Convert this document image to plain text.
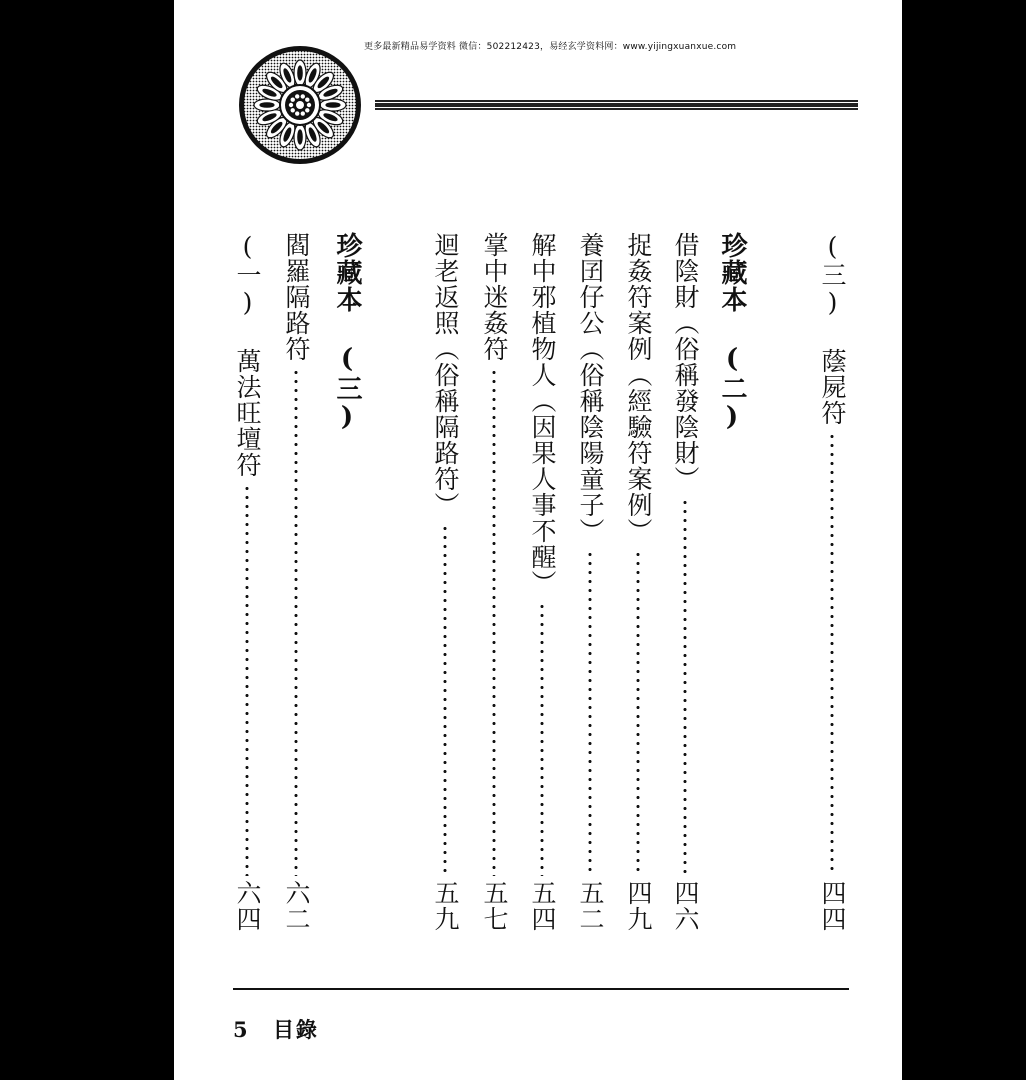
更多最新精品易学资料 微信：502212423，易经玄学资料网：www.yijingxuanxue.com
(三) 蔭屍符
四四
珍藏本 (二)
借陰財（俗稱發陰財）
四六
捉姦符案例（經驗符案例）
四九
養囝仔公（俗稱陰陽童子）
五二
解中邪植物人（因果人事不醒）
五四
掌中迷姦符
五七
迴老返照（俗稱隔路符）
五九
珍藏本 (三)
閻羅隔路符
六二
(一) 萬法旺壇符
六四
5 目錄
